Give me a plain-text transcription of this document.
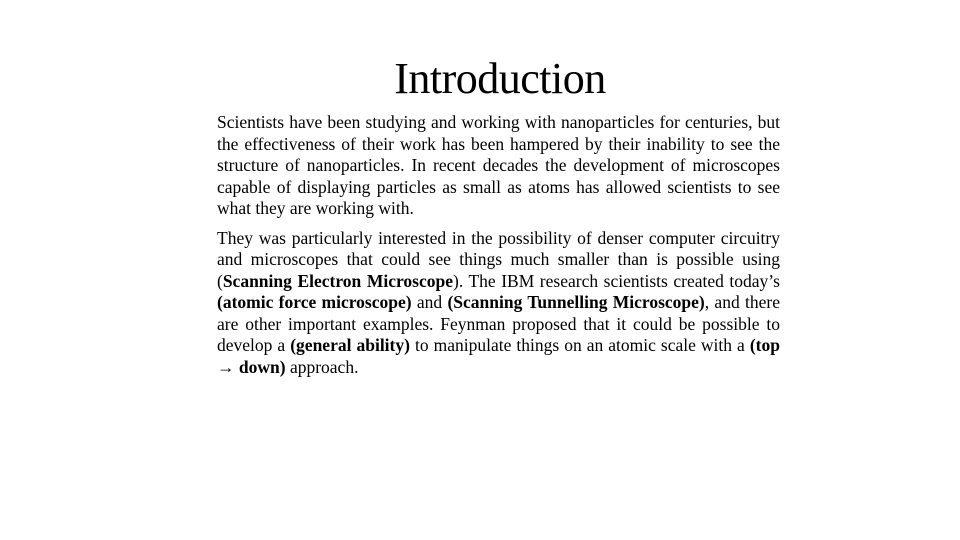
Introduction

Scientists have been studying and working with nanoparticles for centuries, but the effectiveness of their work has been hampered by their inability to see the structure of nanoparticles. In recent decades the development of microscopes capable of displaying particles as small as atoms has allowed scientists to see what they are working with.

They was particularly interested in the possibility of denser computer circuitry and microscopes that could see things much smaller than is possible using (Scanning Electron Microscope). The IBM research scientists created today’s (atomic force microscope) and (Scanning Tunnelling Microscope), and there are other important examples. Feynman proposed that it could be possible to develop a (general ability) to manipulate things on an atomic scale with a (top → down) approach.
